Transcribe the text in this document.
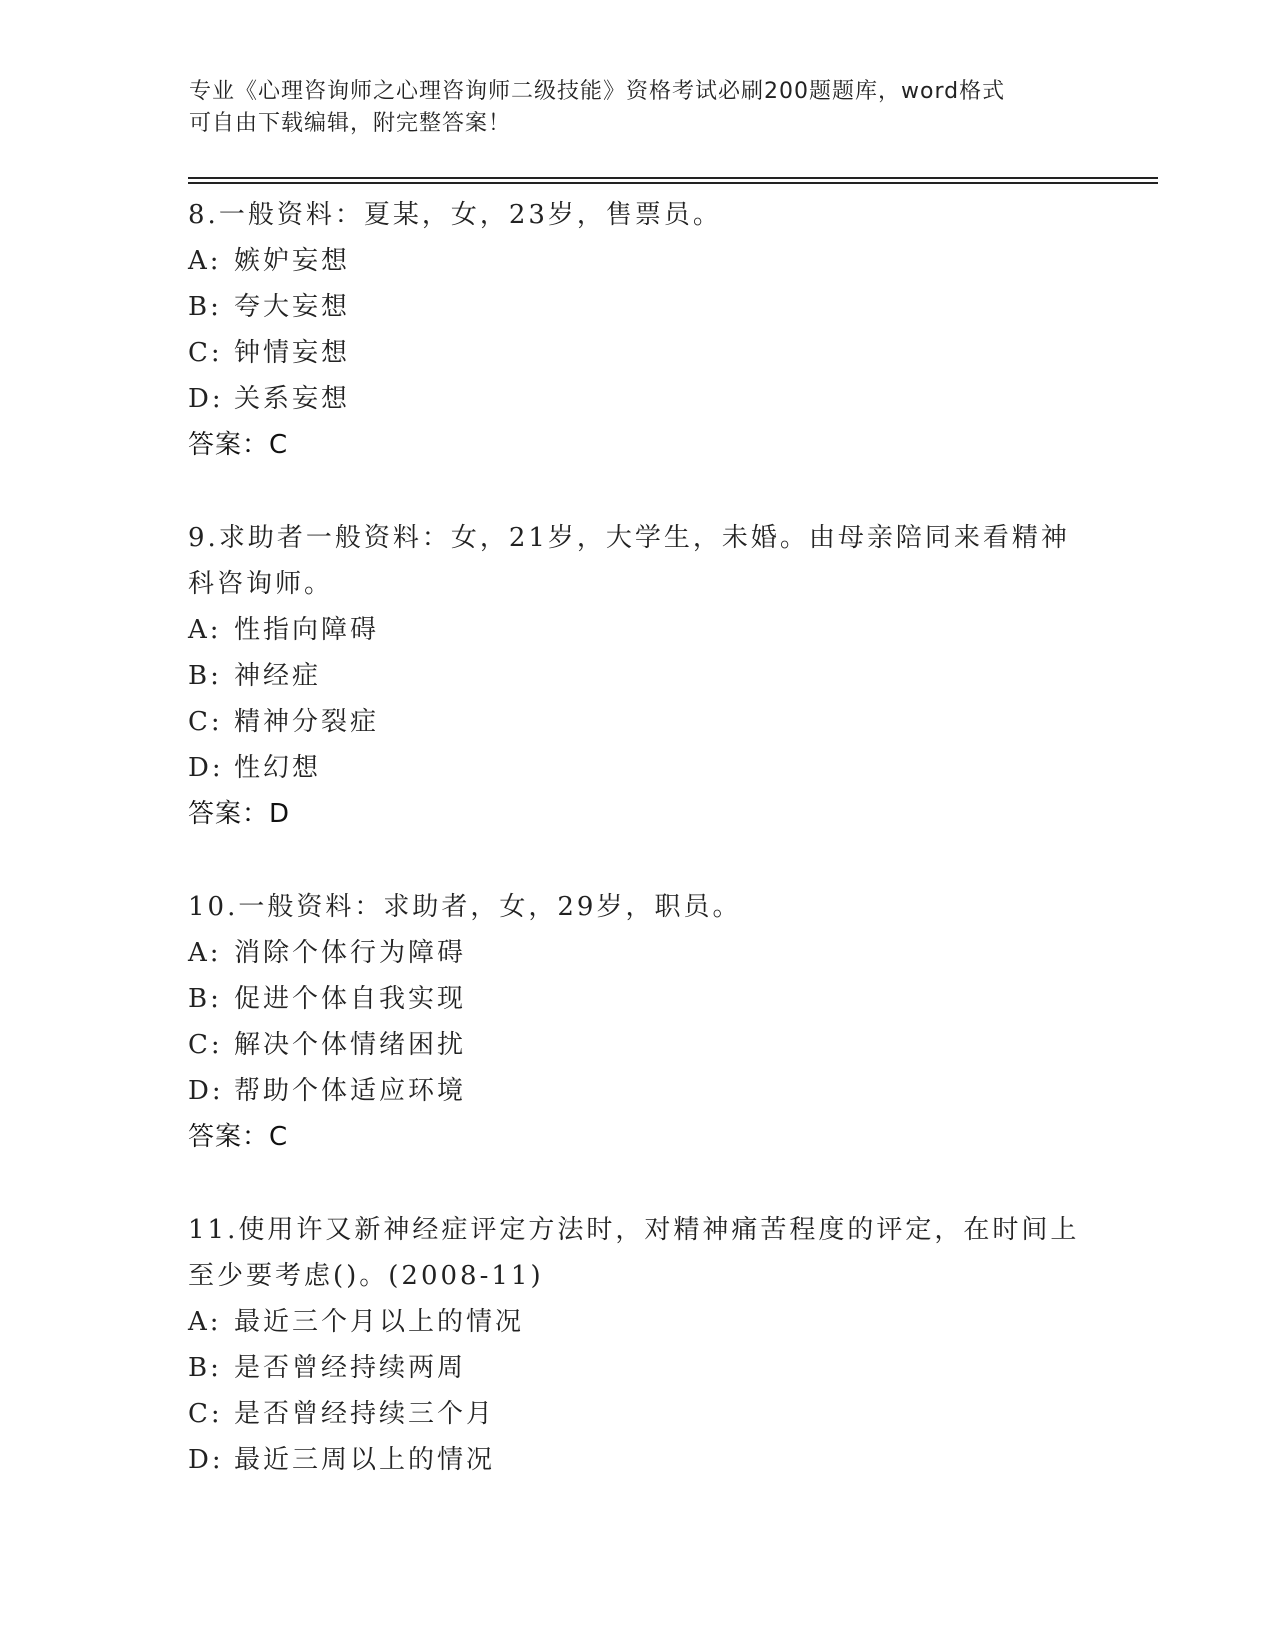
专业《心理咨询师之心理咨询师二级技能》资格考试必刷200题题库，word格式
可自由下载编辑，附完整答案！

8.一般资料：夏某，女，23岁，售票员。

A: 嫉妒妄想

B: 夸大妄想

C: 钟情妄想

D: 关系妄想

答案：C

9.求助者一般资料：女，21岁，大学生，未婚。由母亲陪同来看精神
科咨询师。

A: 性指向障碍

B: 神经症

C: 精神分裂症

D: 性幻想

答案：D

10.一般资料：求助者，女，29岁，职员。

A: 消除个体行为障碍

B: 促进个体自我实现

C: 解决个体情绪困扰

D: 帮助个体适应环境

答案：C

11.使用许又新神经症评定方法时，对精神痛苦程度的评定，在时间上
至少要考虑()。(2008-11)

A: 最近三个月以上的情况

B: 是否曾经持续两周

C: 是否曾经持续三个月

D: 最近三周以上的情况
